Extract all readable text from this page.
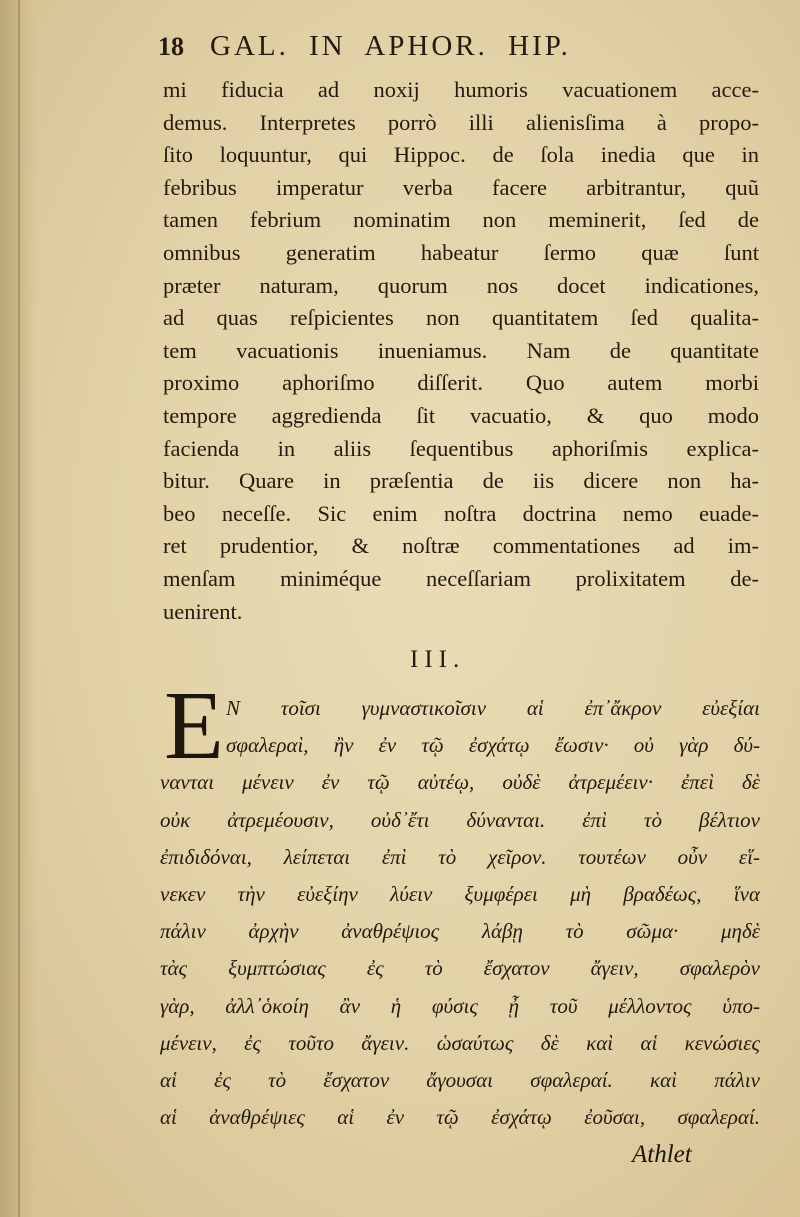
18 GAL. IN APHOR. HIP.
mi fiducia ad noxij humoris vacuationem acce-
demus. Interpretes porrò illi alienisſima à propo-
ſito loquuntur, qui Hippoc. de ſola inedia que in
febribus imperatur verba facere arbitrantur, quũ
tamen febrium nominatim non meminerit, ſed de
omnibus generatim habeatur ſermo quæ ſunt
præter naturam, quorum nos docet indicationes,
ad quas reſpicientes non quantitatem ſed qualita-
tem vacuationis inueniamus. Nam de quantitate
proximo aphoriſmo diſſerit. Quo autem morbi
tempore aggredienda ſit vacuatio, & quo modo
facienda in aliis ſequentibus aphoriſmis explica-
bitur. Quare in præſentia de iis dicere non ha-
beo neceſſe. Sic enim noſtra doctrina nemo euade-
ret prudentior, & noſtræ commentationes ad im-
menſam miniméque neceſſariam prolixitatem de-
uenirent.
III.
E N τοῖσι γυμναστικοῖσιν αἱ ἐπ᾽ἄκρον εὐεξίαι
σφαλεραὶ, ἢν ἐν τῷ ἐσχάτῳ ἔωσιν· οὐ γὰρ δύ-
νανται μένειν ἐν τῷ αὐτέῳ, οὐδὲ ἀτρεμέειν· ἐπεὶ δὲ
οὐκ ἀτρεμέουσιν, οὐδ᾽ἔτι δύνανται. ἐπὶ τὸ βέλτιον
ἐπιδιδόναι, λείπεται ἐπὶ τὸ χεῖρον. τουτέων οὖν εἵ-
νεκεν τὴν εὐεξίην λύειν ξυμφέρει μὴ βραδέως, ἵνα
πάλιν ἀρχὴν ἀναθρέψιος λάβῃ τὸ σῶμα· μηδὲ
τὰς ξυμπτώσιας ἐς τὸ ἔσχατον ἄγειν, σφαλερὸν
γὰρ, ἀλλ᾽ὁκοίη ἂν ἡ φύσις ᾖ τοῦ μέλλοντος ὑπο-
μένειν, ἐς τοῦτο ἄγειν. ὡσαύτως δὲ καὶ αἱ κενώσιες
αἱ ἐς τὸ ἔσχατον ἄγουσαι σφαλεραί. καὶ πάλιν
αἱ ἀναθρέψιες αἱ ἐν τῷ ἐσχάτῳ ἐοῦσαι, σφαλεραί.
Athlet
